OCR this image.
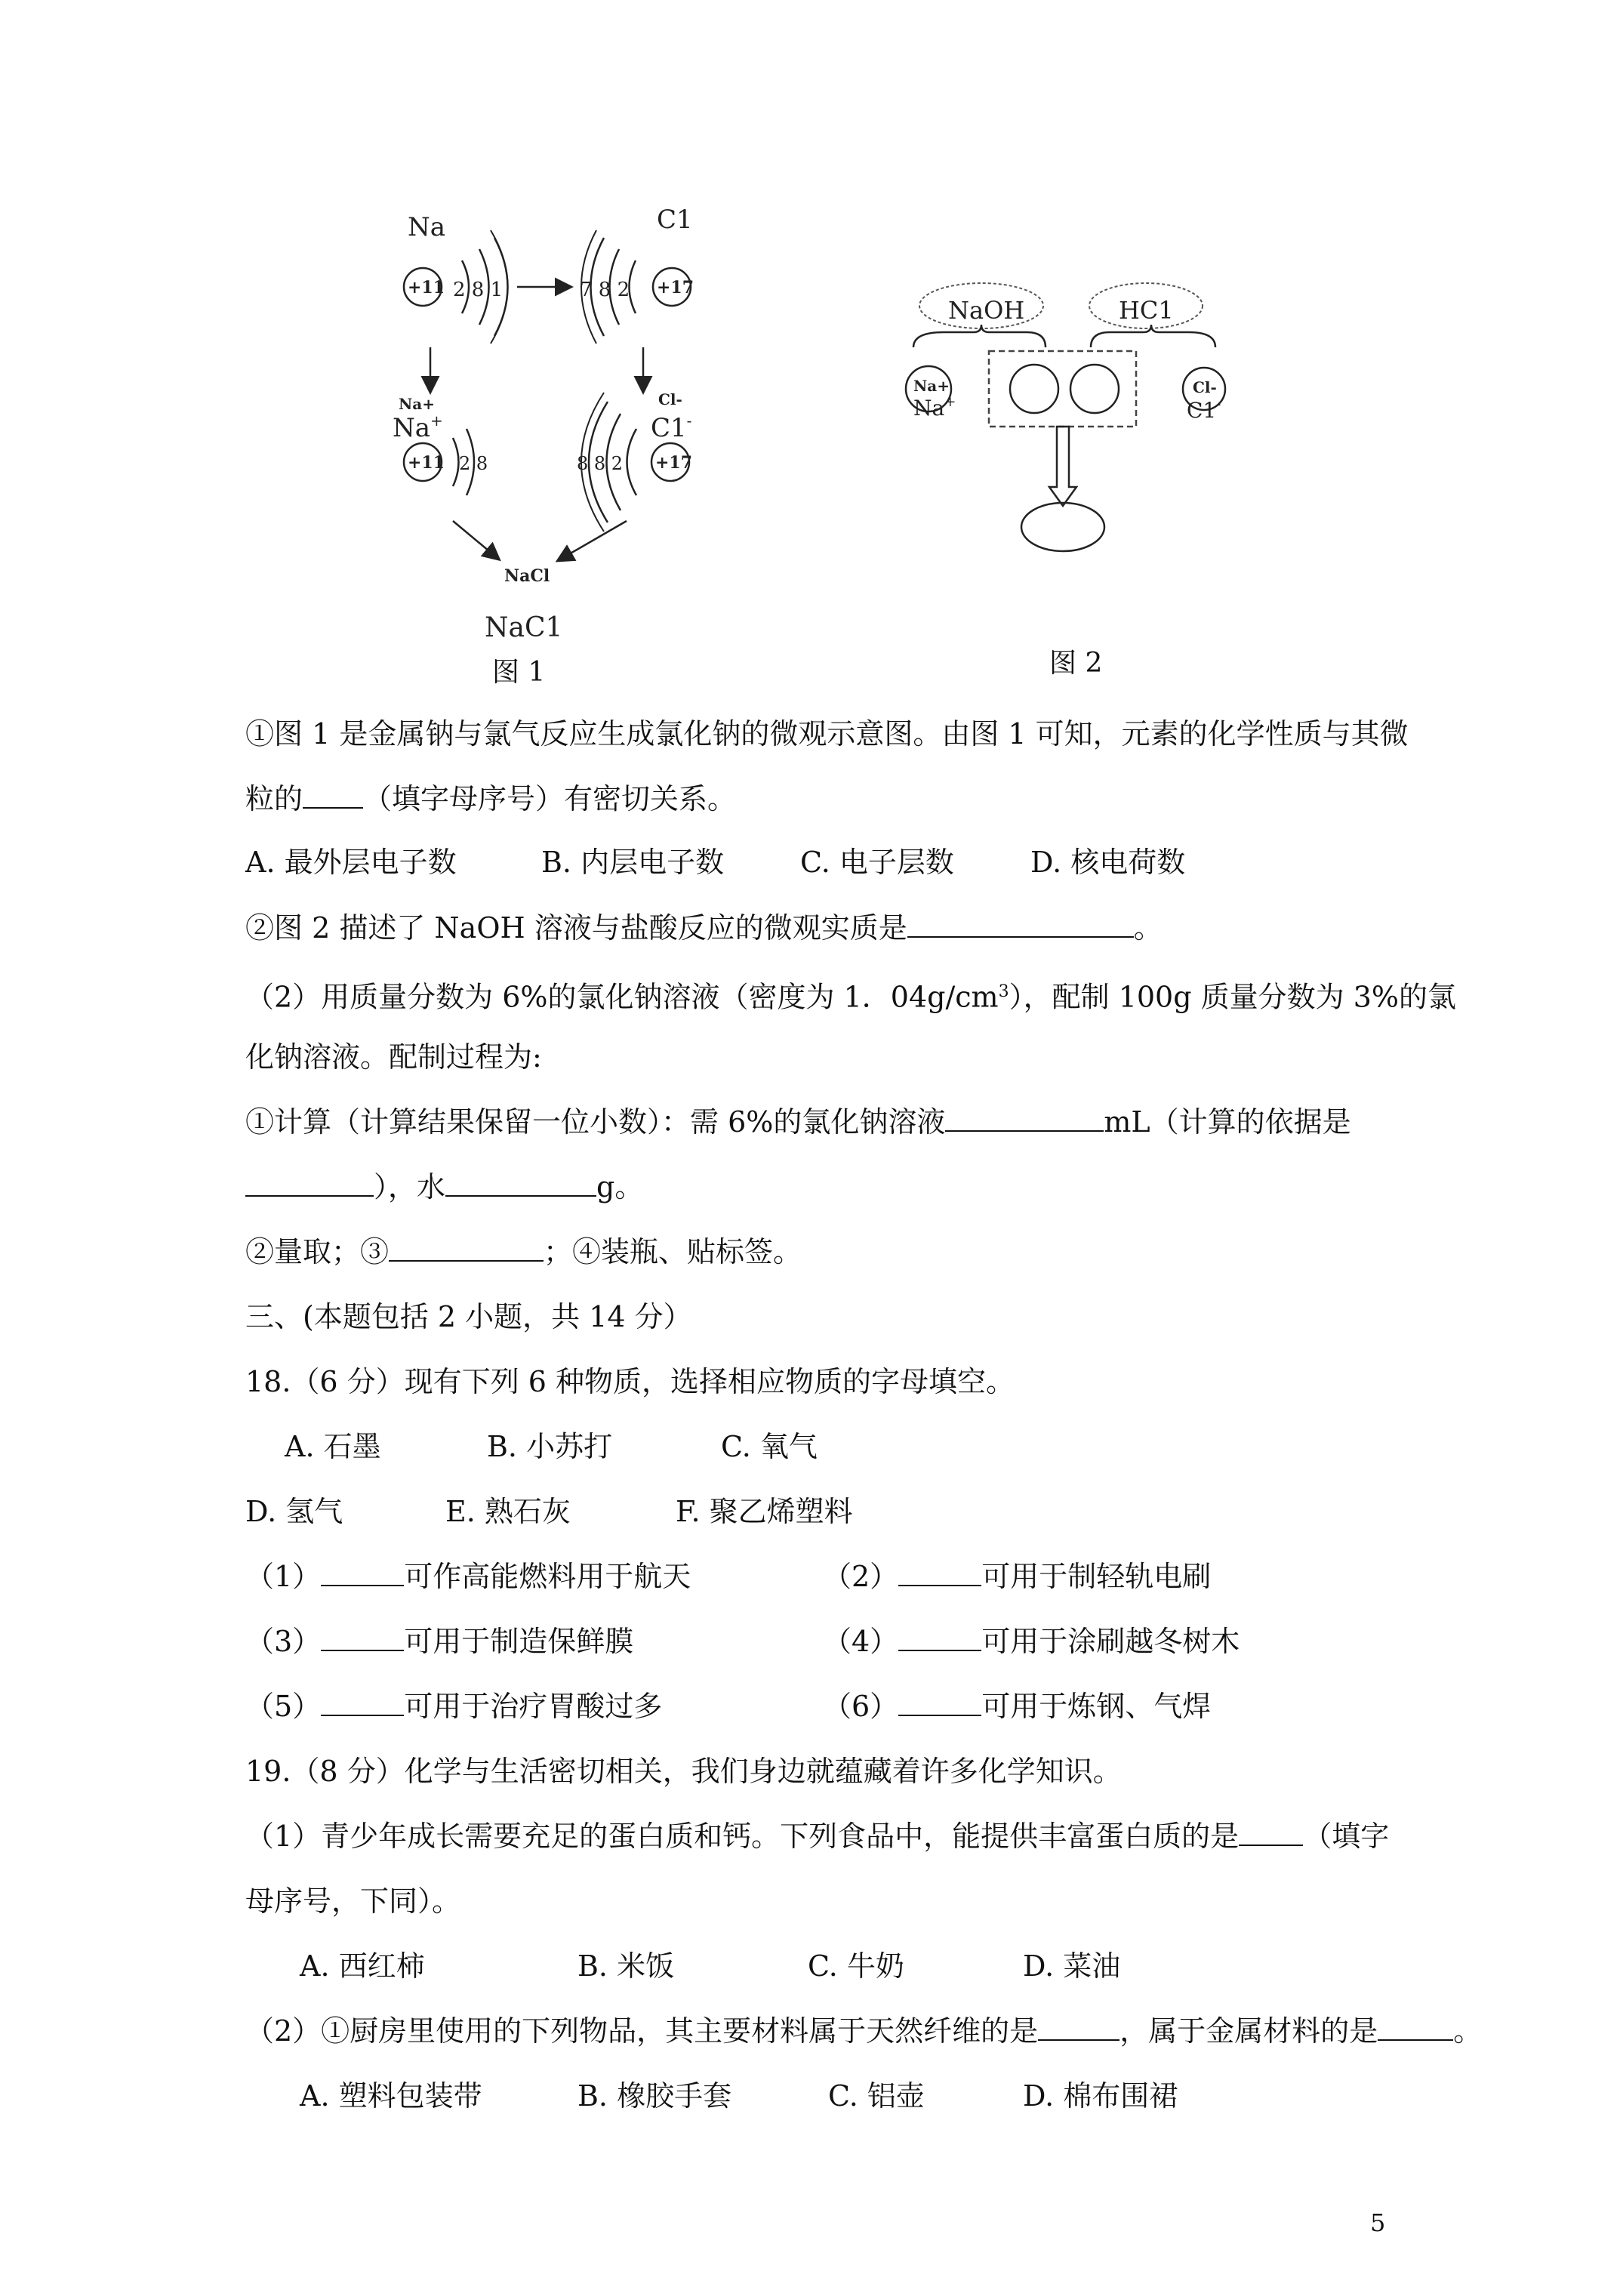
Na
+11 2 8 1
C1
7 8 2 +17
Na+
Na+
+11 2 8
Cl-
C1-
8 8 2 +17
NaCl
NaC1
图 1
NaOH	HC1
Na+
Na+
Cl-
C1-
图 2
①图 1 是金属钠与氯气反应生成氯化钠的微观示意图。由图 1 可知，元素的化学性质与其微
粒的 （填字母序号）有密切关系。
A. 最外层电子数	B. 内层电子数	C. 电子层数	D. 核电荷数
②图 2 描述了 NaOH 溶液与盐酸反应的微观实质是	。
（2）用质量分数为 6%的氯化钠溶液（密度为 1．$04g/cm^3$），配制 100g 质量分数为 3%的氯
化钠溶液。配制过程为:
①计算（计算结果保留一位小数）：需 6%的氯化钠溶液	mL（计算的依据是
），水	g。
②量取；③	；④装瓶、贴标签。
三、(本题包括 2 小题，共 14 分）
18.（6 分）现有下列 6 种物质，选择相应物质的字母填空。
A. 石墨	B. 小苏打	C. 氧气
D. 氢气	E. 熟石灰	F. 聚乙烯塑料
（1）	可作高能燃料用于航天	（2）	可用于制轻轨电刷
（3）	可用于制造保鲜膜	（4）	可用于涂刷越冬树木
（5）	可用于治疗胃酸过多	（6）	可用于炼钢、气焊
19.（8 分）化学与生活密切相关，我们身边就蕴藏着许多化学知识。
（1）青少年成长需要充足的蛋白质和钙。下列食品中，能提供丰富蛋白质的是 （填字
母序号，下同）。
A. 西红柿	B. 米饭	C. 牛奶	D. 菜油
（2）①厨房里使用的下列物品，其主要材料属于天然纤维的是	，属于金属材料的是	。
A. 塑料包装带	B. 橡胶手套	C. 铝壶	D. 棉布围裙
5
